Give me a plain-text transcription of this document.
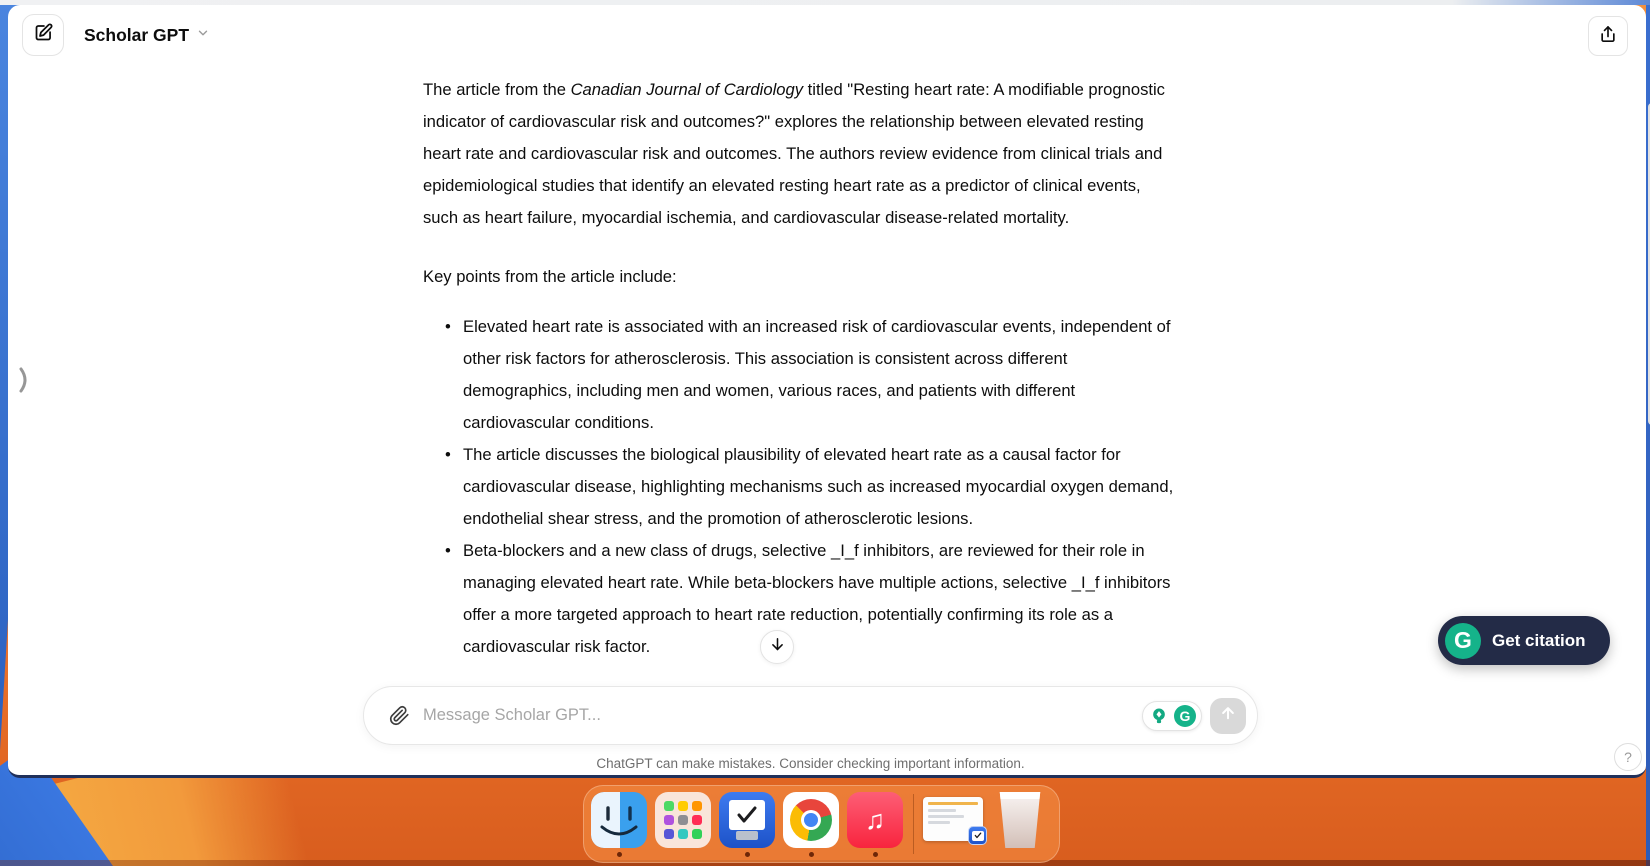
Scholar GPT

The article from the Canadian Journal of Cardiology titled "Resting heart rate: A modifiable prognostic indicator of cardiovascular risk and outcomes?" explores the relationship between elevated resting heart rate and cardiovascular risk and outcomes. The authors review evidence from clinical trials and epidemiological studies that identify an elevated resting heart rate as a predictor of clinical events, such as heart failure, myocardial ischemia, and cardiovascular disease-related mortality.

Key points from the article include:

• Elevated heart rate is associated with an increased risk of cardiovascular events, independent of other risk factors for atherosclerosis. This association is consistent across different demographics, including men and women, various races, and patients with different cardiovascular conditions.
• The article discusses the biological plausibility of elevated heart rate as a causal factor for cardiovascular disease, highlighting mechanisms such as increased myocardial oxygen demand, endothelial shear stress, and the promotion of atherosclerotic lesions.
• Beta-blockers and a new class of drugs, selective _I_f inhibitors, are reviewed for their role in managing elevated heart rate. While beta-blockers have multiple actions, selective _I_f inhibitors offer a more targeted approach to heart rate reduction, potentially confirming its role as a cardiovascular risk factor.
Message Scholar GPT...
G
ChatGPT can make mistakes. Consider checking important information.	?
G	Get citation
♫
